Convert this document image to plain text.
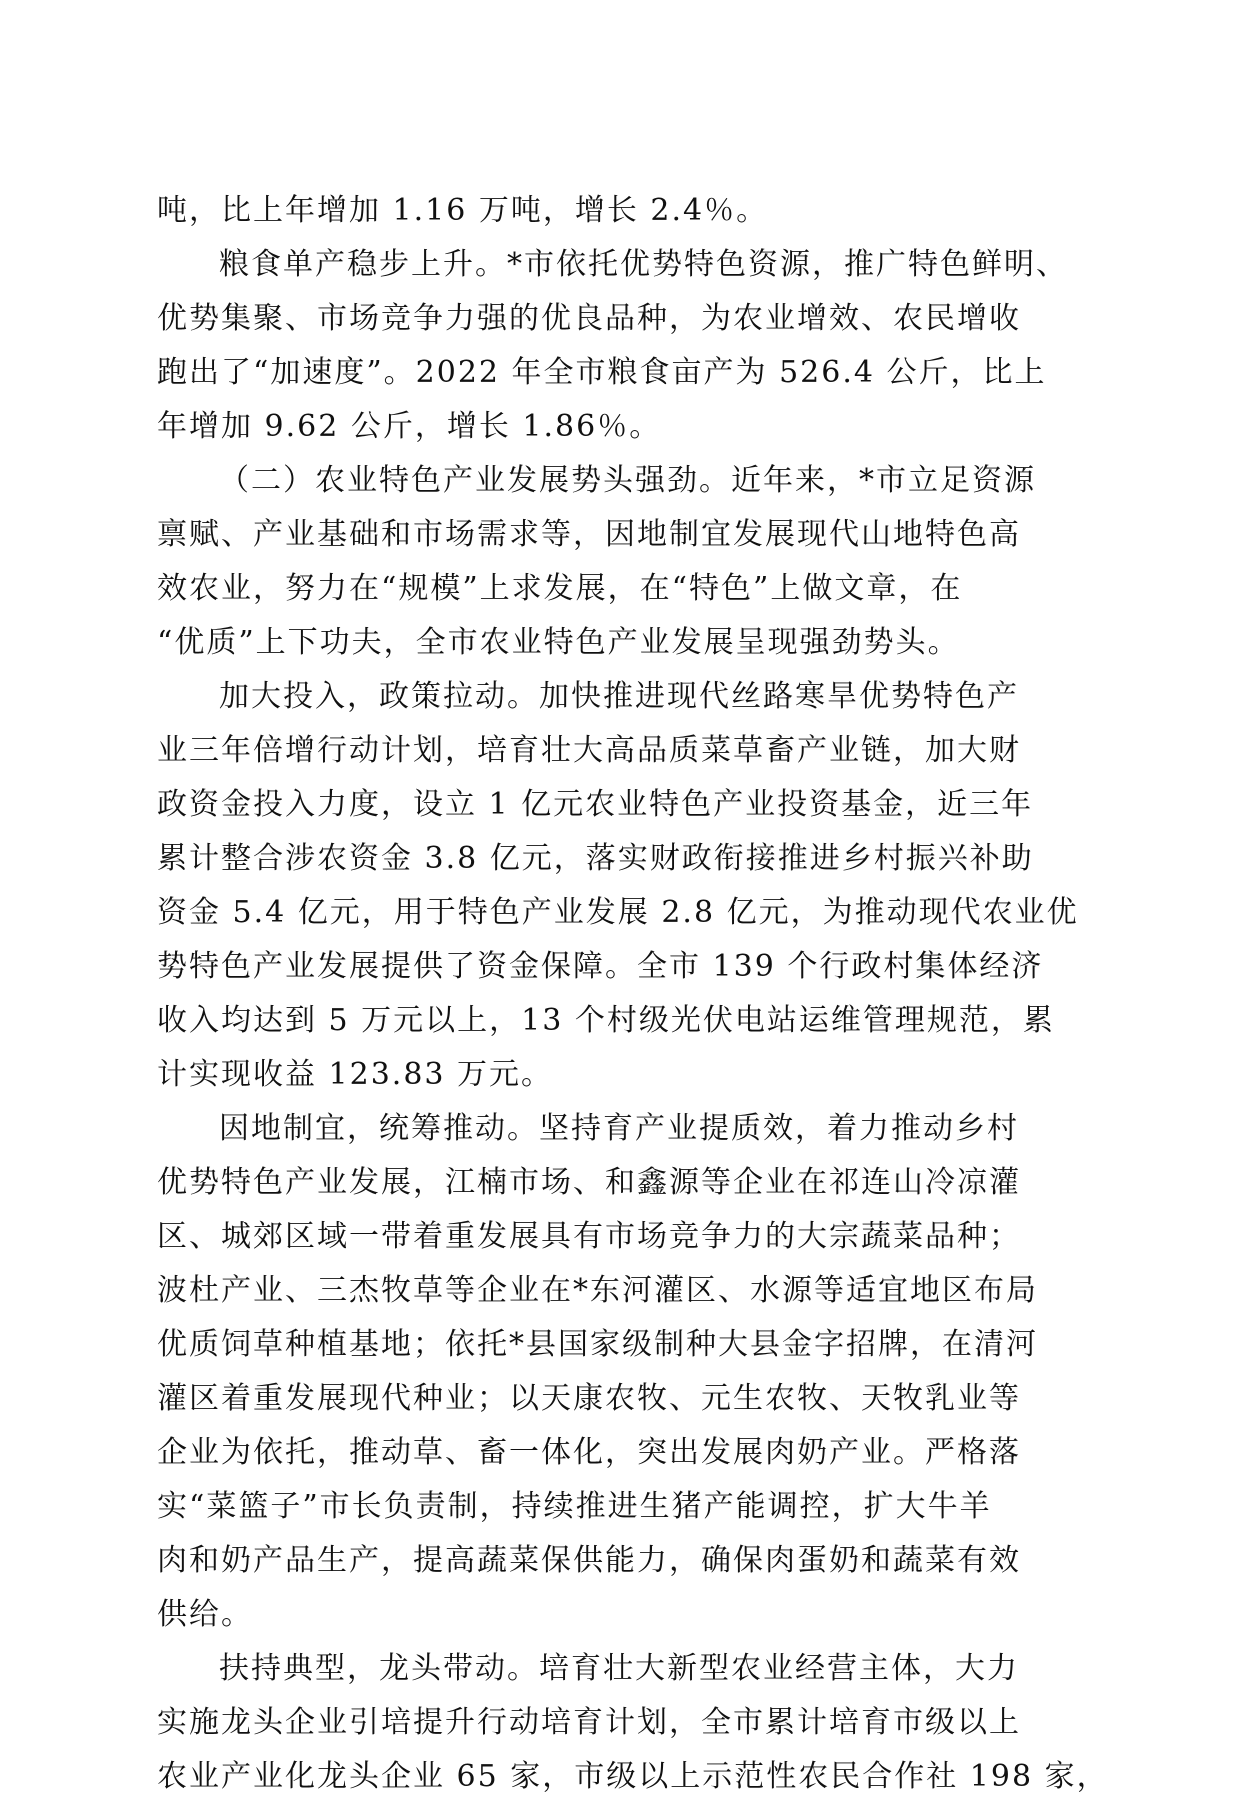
吨，比上年增加 1.16 万吨，增长 2.4％。
粮食单产稳步上升。*市依托优势特色资源，推广特色鲜明、
优势集聚、市场竞争力强的优良品种，为农业增效、农民增收
跑出了“加速度”。2022 年全市粮食亩产为 526.4 公斤，比上
年增加 9.62 公斤，增长 1.86％。
（二）农业特色产业发展势头强劲。近年来，*市立足资源
禀赋、产业基础和市场需求等，因地制宜发展现代山地特色高
效农业，努力在“规模”上求发展，在“特色”上做文章，在
“优质”上下功夫，全市农业特色产业发展呈现强劲势头。
加大投入，政策拉动。加快推进现代丝路寒旱优势特色产
业三年倍增行动计划，培育壮大高品质菜草畜产业链，加大财
政资金投入力度，设立 1 亿元农业特色产业投资基金，近三年
累计整合涉农资金 3.8 亿元，落实财政衔接推进乡村振兴补助
资金 5.4 亿元，用于特色产业发展 2.8 亿元，为推动现代农业优
势特色产业发展提供了资金保障。全市 139 个行政村集体经济
收入均达到 5 万元以上，13 个村级光伏电站运维管理规范，累
计实现收益 123.83 万元。
因地制宜，统筹推动。坚持育产业提质效，着力推动乡村
优势特色产业发展，江楠市场、和鑫源等企业在祁连山冷凉灌
区、城郊区域一带着重发展具有市场竞争力的大宗蔬菜品种；
波杜产业、三杰牧草等企业在*东河灌区、水源等适宜地区布局
优质饲草种植基地；依托*县国家级制种大县金字招牌，在清河
灌区着重发展现代种业；以天康农牧、元生农牧、天牧乳业等
企业为依托，推动草、畜一体化，突出发展肉奶产业。严格落
实“菜篮子”市长负责制，持续推进生猪产能调控，扩大牛羊
肉和奶产品生产，提高蔬菜保供能力，确保肉蛋奶和蔬菜有效
供给。
扶持典型，龙头带动。培育壮大新型农业经营主体，大力
实施龙头企业引培提升行动培育计划，全市累计培育市级以上
农业产业化龙头企业 65 家，市级以上示范性农民合作社 198 家，
